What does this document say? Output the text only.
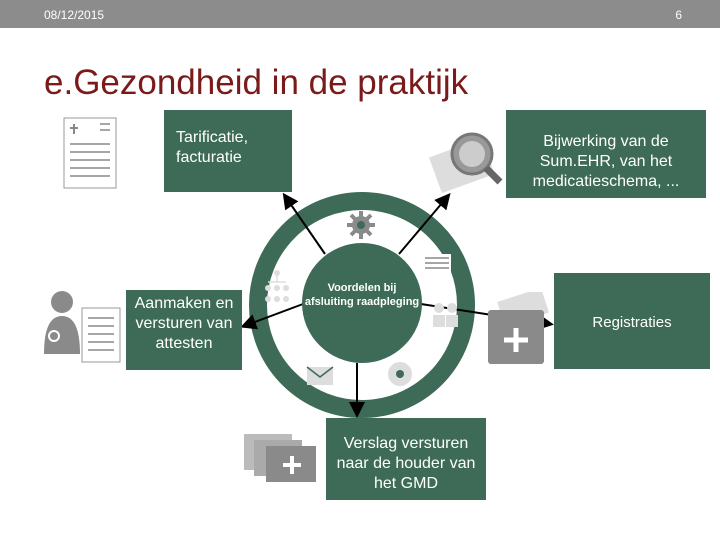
08/12/2015	6
e.Gezondheid in de praktijk
Voordelen bij afsluiting raadpleging
Tarificatie, facturatie
Bijwerking van de Sum.EHR, van het medicatieschema, ...
Aanmaken en versturen van attesten
Registraties
Verslag versturen naar de houder van het GMD
